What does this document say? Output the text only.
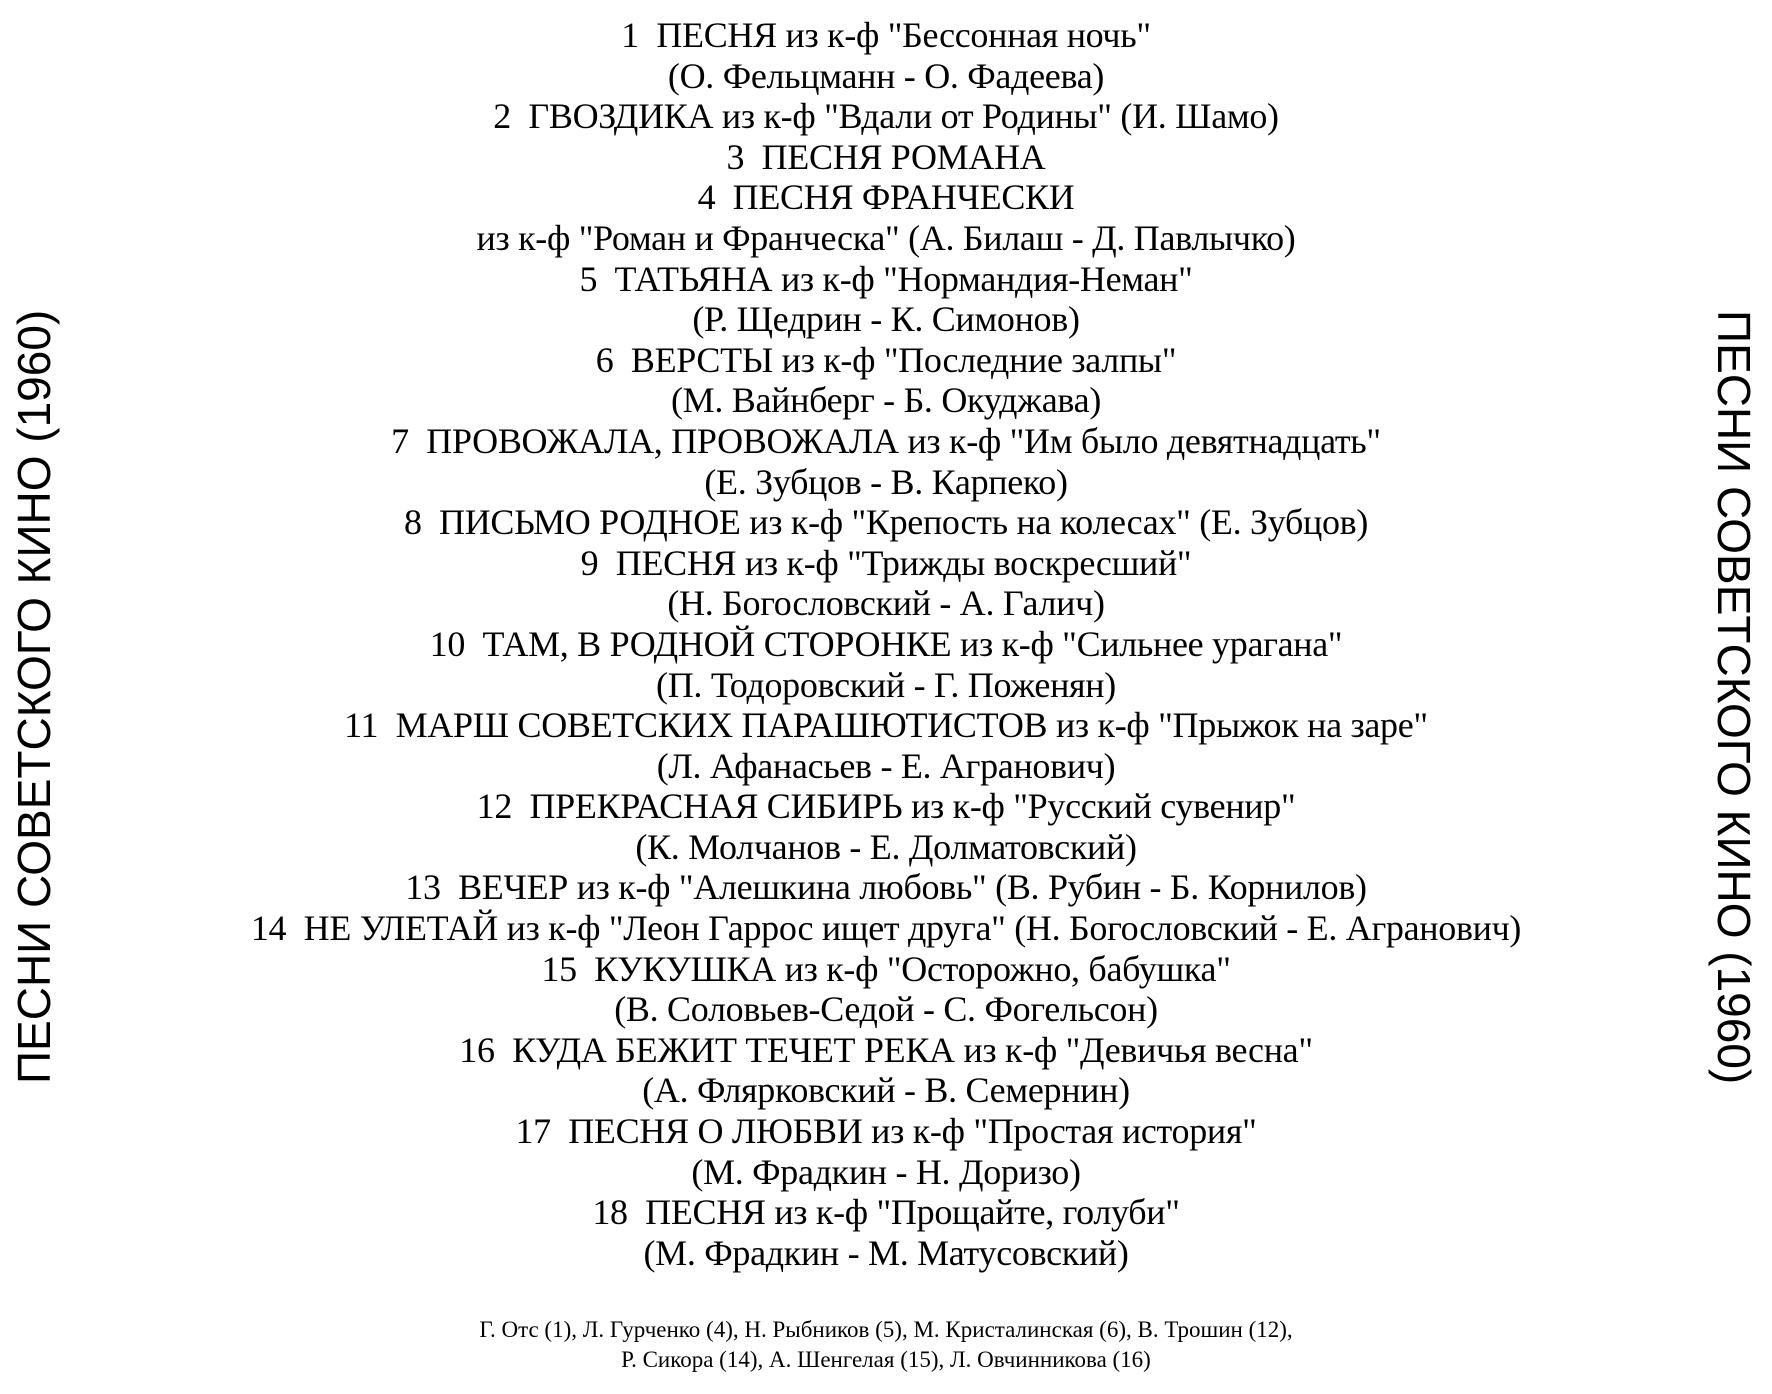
ПЕСНИ СОВЕТСКОГО КИНО (1960)	ПЕСНИ СОВЕТСКОГО КИНО (1960)
1  ПЕСНЯ из к-ф "Бессонная ночь"
(О. Фельцманн - О. Фадеева)
2  ГВОЗДИКА из к-ф "Вдали от Родины" (И. Шамо)
3  ПЕСНЯ РОМАНА
4  ПЕСНЯ ФРАНЧЕСКИ
из к-ф "Роман и Франческа" (А. Билаш - Д. Павлычко)
5  ТАТЬЯНА из к-ф "Нормандия-Неман"
(Р. Щедрин - К. Симонов)
6  ВЕРСТЫ из к-ф "Последние залпы"
(М. Вайнберг - Б. Окуджава)
7  ПРОВОЖАЛА, ПРОВОЖАЛА из к-ф "Им было девятнадцать"
(Е. Зубцов - В. Карпеко)
8  ПИСЬМО РОДНОЕ из к-ф "Крепость на колесах" (Е. Зубцов)
9  ПЕСНЯ из к-ф "Трижды воскресший"
(Н. Богословский - А. Галич)
10  ТАМ, В РОДНОЙ СТОРОНКЕ из к-ф "Сильнее урагана"
(П. Тодоровский - Г. Поженян)
11  МАРШ СОВЕТСКИХ ПАРАШЮТИСТОВ из к-ф "Прыжок на заре"
(Л. Афанасьев - Е. Агранович)
12  ПРЕКРАСНАЯ СИБИРЬ из к-ф "Русский сувенир"
(К. Молчанов - Е. Долматовский)
13  ВЕЧЕР из к-ф "Алешкина любовь" (В. Рубин - Б. Корнилов)
14  НЕ УЛЕТАЙ из к-ф "Леон Гаррос ищет друга" (Н. Богословский - Е. Агранович)
15  КУКУШКА из к-ф "Осторожно, бабушка"
(В. Соловьев-Седой - С. Фогельсон)
16  КУДА БЕЖИТ ТЕЧЕТ РЕКА из к-ф "Девичья весна"
(А. Флярковский - В. Семернин)
17  ПЕСНЯ О ЛЮБВИ из к-ф "Простая история"
(М. Фрадкин - Н. Доризо)
18  ПЕСНЯ из к-ф "Прощайте, голуби"
(М. Фрадкин - М. Матусовский)
Г. Отс (1), Л. Гурченко (4), Н. Рыбников (5), М. Кристалинская (6), В. Трошин (12),
Р. Сикора (14), А. Шенгелая (15), Л. Овчинникова (16)
